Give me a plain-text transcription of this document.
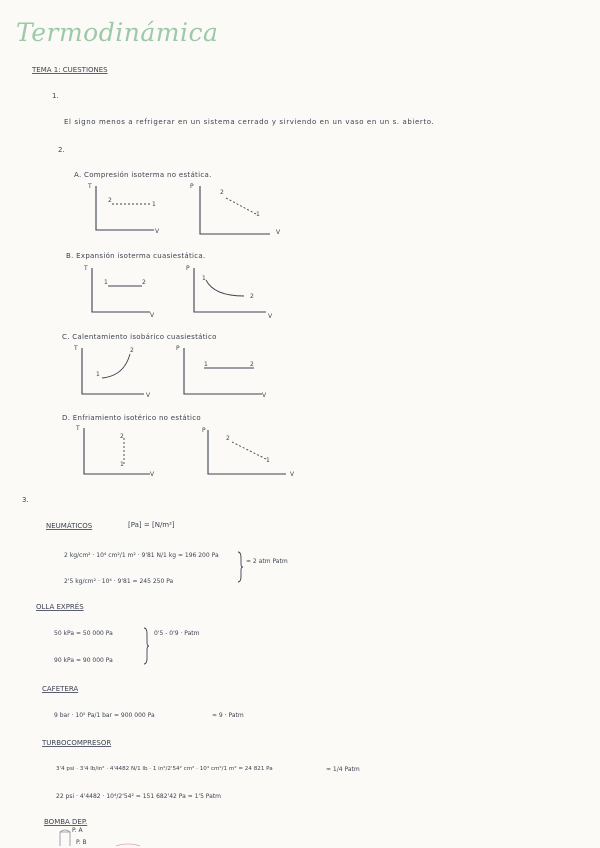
Termodinámica
TEMA 1: CUESTIONES
1.
El signo menos a refrigerar en un sistema cerrado y sirviendo en un vaso en un s. abierto.
2.
A. Compresión isoterma no estática.
T
V
2
1
P
V
2
1
B. Expansión isoterma cuasiestática.
T
V
1	2
P
V
1
2
C. Calentamiento isobárico cuasiestático
T
V
1
2	P
V
1	2
D. Enfriamiento isotérico no estático
T
V
2
1
P
V
2
1
3.
NEUMÁTICOS	[Pa] = [N/m²]
2 kg/cm² · 10⁴ cm²/1 m² · 9'81 N/1 kg = 196 200 Pa
≈ 2 atm Patm
2'5 kg/cm² · 10⁴ · 9'81 = 245 250 Pa
OLLA EXPRÉS
50 kPa = 50 000 Pa	0'5 - 0'9 · Patm
90 kPa = 90 000 Pa
CAFETERA
9 bar · 10⁵ Pa/1 bar = 900 000 Pa	≈ 9 · Patm
TURBOCOMPRESOR
3'4 psi · 3'4 lb/in² · 4'4482 N/1 lb · 1 in²/2'54² cm² · 10⁴ cm²/1 m² = 24 821 Pa	≈ 1/4 Patm
22 psi · 4'4482 · 10⁴/2'54² = 151 682'42 Pa ≈ 1'5 Patm
BOMBA DEP.
P. A
P. B
